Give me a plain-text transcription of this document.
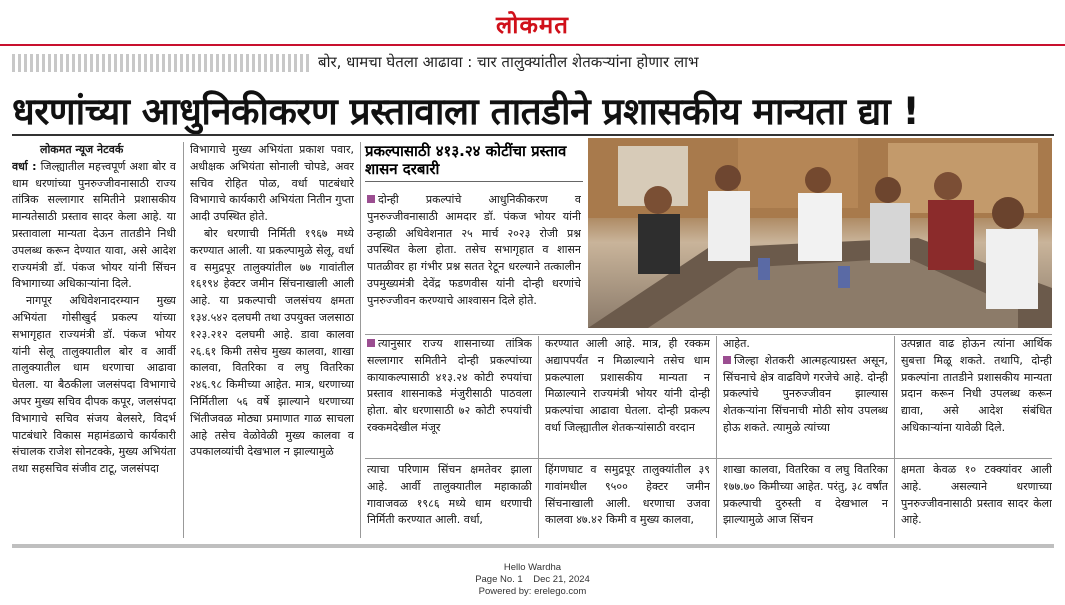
लोकमत
बोर, धामचा घेतला आढावा : चार तालुक्यांतील शेतकऱ्यांना होणार लाभ
धरणांच्या आधुनिकीकरण प्रस्तावाला तातडीने प्रशासकीय मान्यता द्या !

लोकमत न्यूज नेटवर्क

वर्धा : जिल्ह्यातील महत्त्वपूर्ण अशा बोर व धाम धरणांच्या पुनरुज्जीवनासाठी राज्य तांत्रिक सल्लागार समितीने प्रशासकीय मान्यतेसाठी प्रस्ताव सादर केला आहे. या प्रस्तावाला मान्यता देऊन तातडीने निधी उपलब्ध करून देण्यात यावा, असे आदेश राज्यमंत्री डॉ. पंकज भोयर यांनी सिंचन विभागाच्या अधिकाऱ्यांना दिले.

नागपूर अधिवेशनादरम्यान मुख्य अभियंता गोसीखुर्द प्रकल्प यांच्या सभागृहात राज्यमंत्री डॉ. पंकज भोयर यांनी सेलू तालुक्यातील बोर व आर्वी तालुक्यातील धाम धरणाचा आढावा घेतला. या बैठकीला जलसंपदा विभागाचे अपर मुख्य सचिव दीपक कपूर, जलसंपदा विभागाचे सचिव संजय बेलसरे, विदर्भ पाटबंधारे विकास महामंडळाचे कार्यकारी संचालक राजेश सोनटक्के, मुख्य अभियंता तथा सहसचिव संजीव टाटू, जलसंपदा

विभागाचे मुख्य अभियंता प्रकाश पवार, अधीक्षक अभियंता सोनाली चोपडे, अवर सचिव रोहित पोळ, वर्धा पाटबंधारे विभागाचे कार्यकारी अभियंता नितीन गुप्ता आदी उपस्थित होते.

बोर धरणाची निर्मिती १९६७ मध्ये करण्यात आली. या प्रकल्पामुळे सेलू, वर्धा व समुद्रपूर तालुक्यांतील ७७ गावांतील १६१९४ हेक्टर जमीन सिंचनाखाली आली आहे. या प्रकल्पाची जलसंचय क्षमता १३४.५४२ दलघमी तथा उपयुक्त जलसाठा १२३.२१२ दलघमी आहे. डावा कालवा २६.६१ किमी तसेच मुख्य कालवा, शाखा कालवा, वितरिका व लघु वितरिका २४६.९८ किमीच्या आहेत. मात्र, धरणाच्या निर्मितीला ५६ वर्षे झाल्याने धरणाच्या भिंतीजवळ मोठ्या प्रमाणात गाळ साचला आहे तसेच वेळोवेळी मुख्य कालवा व उपकालव्यांची देखभाल न झाल्यामुळे

प्रकल्पासाठी ४१३.२४ कोटींचा प्रस्ताव शासन दरबारी

दोन्ही प्रकल्पांचे आधुनिकीकरण व पुनरुज्जीवनासाठी आमदार डॉ. पंकज भोयर यांनी उन्हाळी अधिवेशनात २५ मार्च २०२३ रोजी प्रश्न उपस्थित केला होता. तसेच सभागृहात व शासन पातळीवर हा गंभीर प्रश्न सतत रेटून धरल्याने तत्कालीन उपमुख्यमंत्री देवेंद्र फडणवीस यांनी दोन्ही धरणांचे पुनरुज्जीवन करण्याचे आश्वासन दिले होते.

त्यानुसार राज्य शासनाच्या तांत्रिक सल्लागार समितीने दोन्ही प्रकल्पांच्या कायाकल्पासाठी ४१३.२४ कोटी रुपयांचा प्रस्ताव शासनाकडे मंजुरीसाठी पाठवला होता. बोर धरणासाठी ७२ कोटी रुपयांची रक्कमदेखील मंजूर

करण्यात आली आहे. मात्र, ही रक्कम अद्यापपर्यंत न मिळाल्याने तसेच धाम प्रकल्पाला प्रशासकीय मान्यता न मिळाल्याने राज्यमंत्री भोयर यांनी दोन्ही प्रकल्पांचा आढावा घेतला. दोन्ही प्रकल्प वर्धा जिल्ह्यातील शेतकऱ्यांसाठी वरदान

आहेत.

जिल्हा शेतकरी आत्महत्याग्रस्त असून, सिंचनाचे क्षेत्र वाढविणे गरजेचे आहे. दोन्ही प्रकल्पांचे पुनरुज्जीवन झाल्यास शेतकऱ्यांना सिंचनाची मोठी सोय उपलब्ध होऊ शकते. त्यामुळे त्यांच्या

उत्पन्नात वाढ होऊन त्यांना आर्थिक सुबत्ता मिळू शकते. तथापि, दोन्ही प्रकल्पांना तातडीने प्रशासकीय मान्यता प्रदान करून निधी उपलब्ध करून द्यावा, असे आदेश संबंधित अधिकाऱ्यांना यावेळी दिले.

त्याचा परिणाम सिंचन क्षमतेवर झाला आहे. आर्वी तालुक्यातील महाकाळी गावाजवळ १९८६ मध्ये धाम धरणाची निर्मिती करण्यात आली. वर्धा,

हिंगणघाट व समुद्रपूर तालुक्यांतील ३९ गावांमधील ९५०० हेक्टर जमीन सिंचनाखाली आली. धरणाचा उजवा कालवा ४७.४२ किमी व मुख्य कालवा,

शाखा कालवा, वितरिका व लघु वितरिका १७७.७० किमीच्या आहेत. परंतु, ३८ वर्षांत प्रकल्पाची दुरुस्ती व देखभाल न झाल्यामुळे आज सिंचन

क्षमता केवळ १० टक्क्यांवर आली आहे. असल्याने धरणाच्या पुनरुज्जीवनासाठी प्रस्ताव सादर केला आहे.

Hello Wardha
Page No. 1    Dec 21, 2024
Powered by: erelego.com
